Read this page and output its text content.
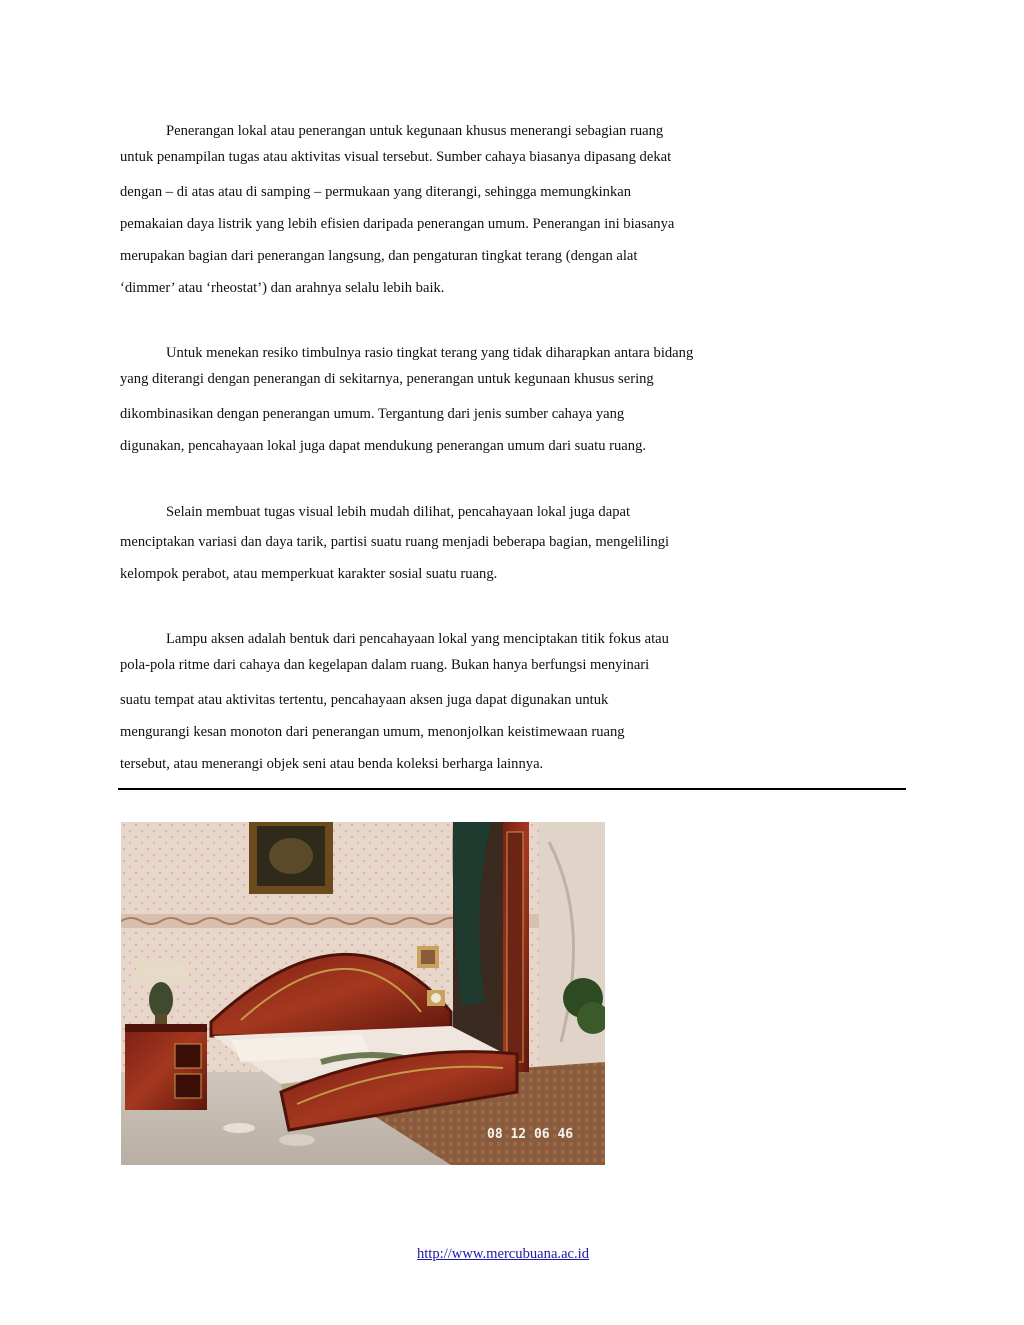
Penerangan lokal atau penerangan untuk kegunaan khusus menerangi sebagian ruang
untuk penampilan tugas atau aktivitas visual tersebut. Sumber cahaya biasanya dipasang dekat
dengan – di atas atau di samping – permukaan yang diterangi, sehingga memungkinkan
pemakaian daya listrik yang lebih efisien daripada penerangan umum. Penerangan ini biasanya
merupakan bagian dari penerangan langsung, dan pengaturan tingkat terang (dengan alat
‘dimmer’ atau ‘rheostat’) dan arahnya selalu lebih baik.
Untuk menekan resiko timbulnya rasio tingkat terang yang tidak diharapkan antara bidang
yang diterangi dengan penerangan di sekitarnya, penerangan untuk kegunaan khusus sering
dikombinasikan dengan penerangan umum. Tergantung dari jenis sumber cahaya yang
digunakan, pencahayaan lokal juga dapat mendukung penerangan umum dari suatu ruang.
Selain membuat tugas visual lebih mudah dilihat, pencahayaan lokal juga dapat
menciptakan variasi dan daya tarik, partisi suatu ruang menjadi beberapa bagian, mengelilingi
kelompok perabot, atau memperkuat karakter sosial suatu ruang.
Lampu aksen adalah bentuk dari pencahayaan lokal yang menciptakan titik fokus atau
pola-pola ritme dari cahaya dan kegelapan dalam ruang. Bukan hanya berfungsi menyinari
suatu tempat atau aktivitas tertentu, pencahayaan aksen juga dapat digunakan untuk
mengurangi kesan monoton dari penerangan umum, menonjolkan keistimewaan ruang
tersebut, atau menerangi objek seni atau benda koleksi berharga lainnya.
08 12 06 46
http://www.mercubuana.ac.id
